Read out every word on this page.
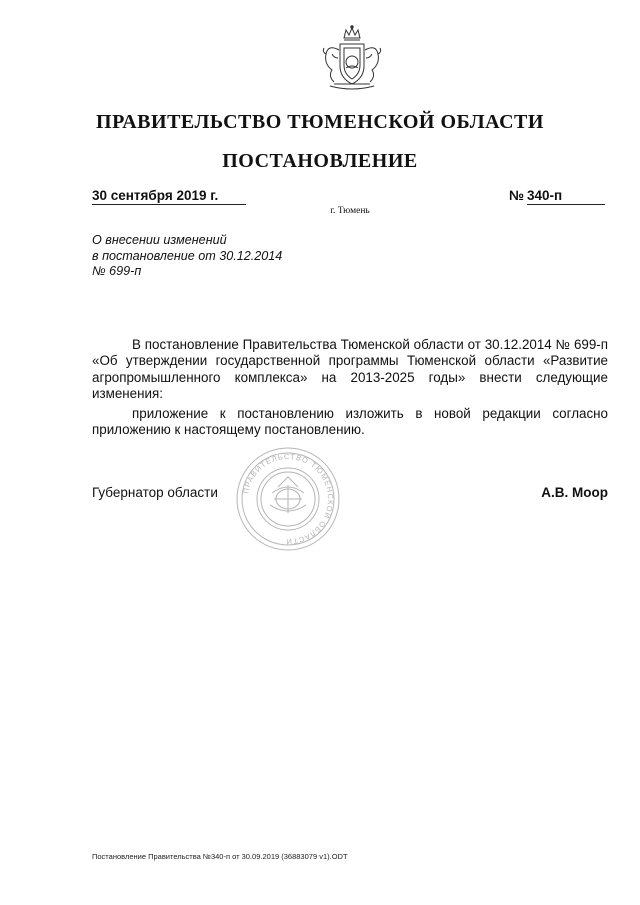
ПРАВИТЕЛЬСТВО ТЮМЕНСКОЙ ОБЛАСТИ
ПОСТАНОВЛЕНИЕ
30 сентября 2019 г.	№ 340-п
г. Тюмень
О внесении изменений
в постановление от 30.12.2014
№ 699-п

В постановление Правительства Тюменской области от 30.12.2014 № 699-п «Об утверждении государственной программы Тюменской области «Развитие агропромышленного комплекса» на 2013-2025 годы» внести следующие изменения:

приложение к постановлению изложить в новой редакции согласно приложению к настоящему постановлению.

ПРАВИТЕЛЬСТВО ТЮМЕНСКОЙ ОБЛАСТИ
Губернатор области	А.В. Моор
Постановление Правительства №340-п от 30.09.2019 (36883079 v1).ODT
